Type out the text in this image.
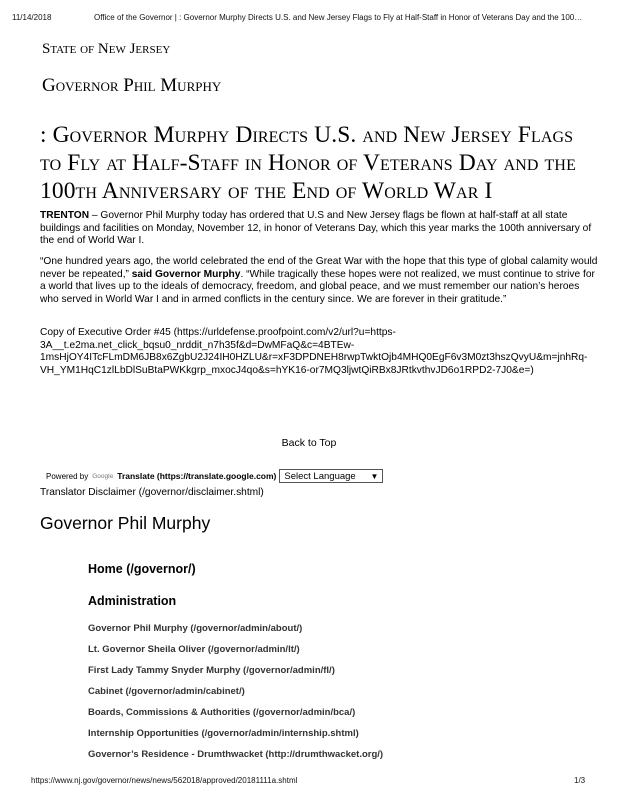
11/14/2018	Office of the Governor | : Governor Murphy Directs U.S. and New Jersey Flags to Fly at Half-Staff in Honor of Veterans Day and the 100…
State of New Jersey
Governor Phil Murphy
: Governor Murphy Directs U.S. and New Jersey Flags to Fly at Half-Staff in Honor of Veterans Day and the 100th Anniversary of the End of World War I

TRENTON – Governor Phil Murphy today has ordered that U.S and New Jersey flags be flown at half-staff at all state buildings and facilities on Monday, November 12, in honor of Veterans Day, which this year marks the 100th anniversary of the end of World War I.

“One hundred years ago, the world celebrated the end of the Great War with the hope that this type of global calamity would never be repeated,” said Governor Murphy. “While tragically these hopes were not realized, we must continue to strive for a world that lives up to the ideals of democracy, freedom, and global peace, and we must remember our nation’s heroes who served in World War I and in armed conflicts in the century since. We are forever in their gratitude.”

Copy of Executive Order #45 (https://urldefense.proofpoint.com/v2/url?u=https-
3A__t.e2ma.net_click_bqsu0_nrddit_n7h35f&d=DwMFaQ&c=4BTEw-
1msHjOY4ITcFLmDM6JB8x6ZgbU2J24IH0HZLU&r=xF3DPDNEH8rwpTwktOjb4MHQ0EgF6v3M0zt3hszQvyU&m=jnhRq-
VH_YM1HqC1zlLbDlSuBtaPWKkgrp_mxocJ4qo&s=hYK16-or7MQ3ljwtQiRBx8JRtkvthvJD6o1RPD2-7J0&e=)
Back to Top
Powered by Google Translate (https://translate.google.com) Select Language ▼
Translator Disclaimer (/governor/disclaimer.shtml)
Governor Phil Murphy
Home (/governor/)
Administration
Governor Phil Murphy (/governor/admin/about/)
Lt. Governor Sheila Oliver (/governor/admin/lt/)
First Lady Tammy Snyder Murphy (/governor/admin/fl/)
Cabinet (/governor/admin/cabinet/)
Boards, Commissions & Authorities (/governor/admin/bca/)
Internship Opportunities (/governor/admin/internship.shtml)
Governor’s Residence - Drumthwacket (http://drumthwacket.org/)
https://www.nj.gov/governor/news/news/562018/approved/20181111a.shtml	1/3
